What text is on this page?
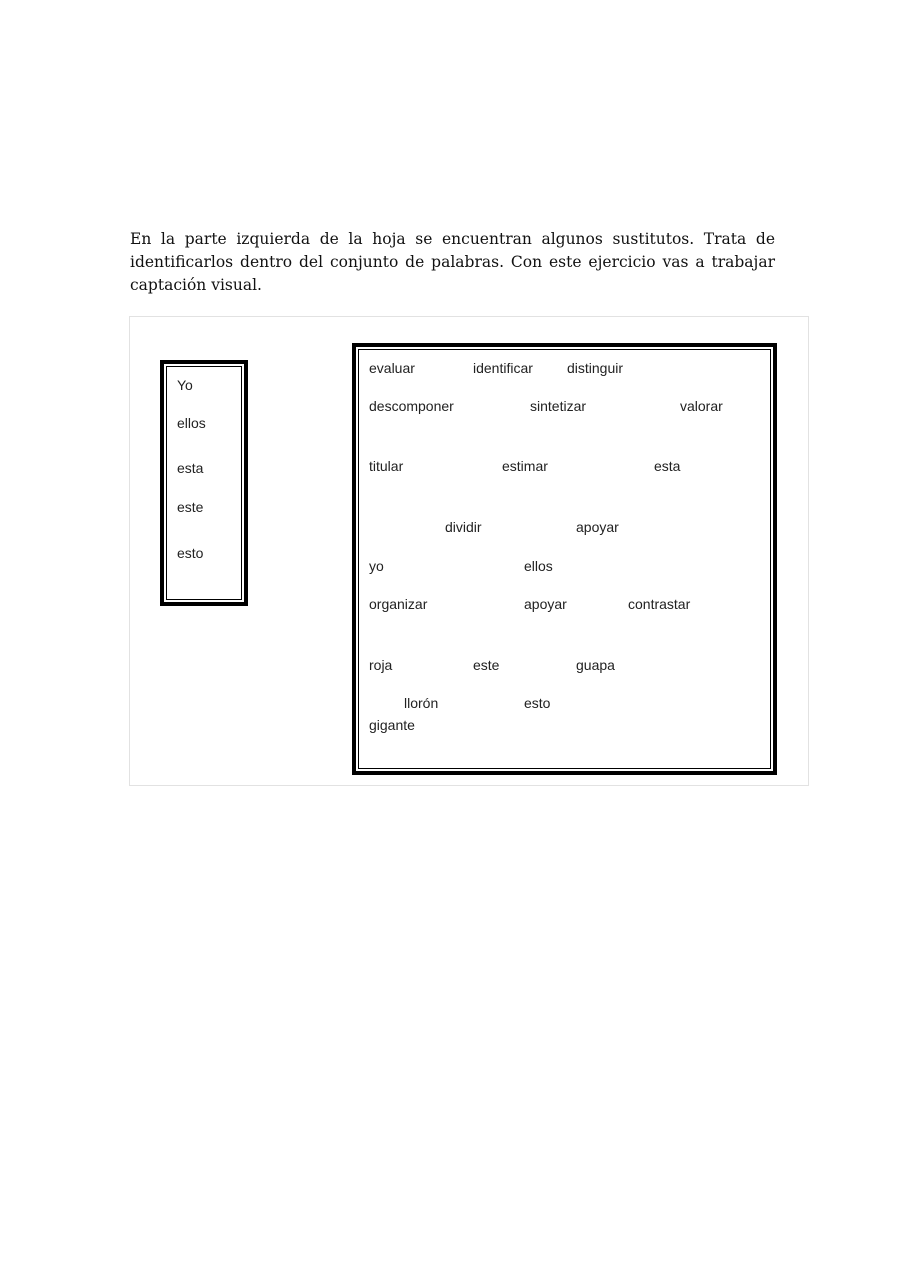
En la parte izquierda de la hoja se encuentran algunos sustitutos. Trata de identificarlos dentro del conjunto de palabras. Con este ejercicio vas a trabajar captación visual.

Yo
ellos
esta
este
esto
evaluar	identificar distinguir
descomponer	sintetizar	valorar
titular	estimar	esta
dividir	apoyar
yo	ellos
organizar	apoyar	contrastar
roja	este	guapa
llorón	esto
gigante
